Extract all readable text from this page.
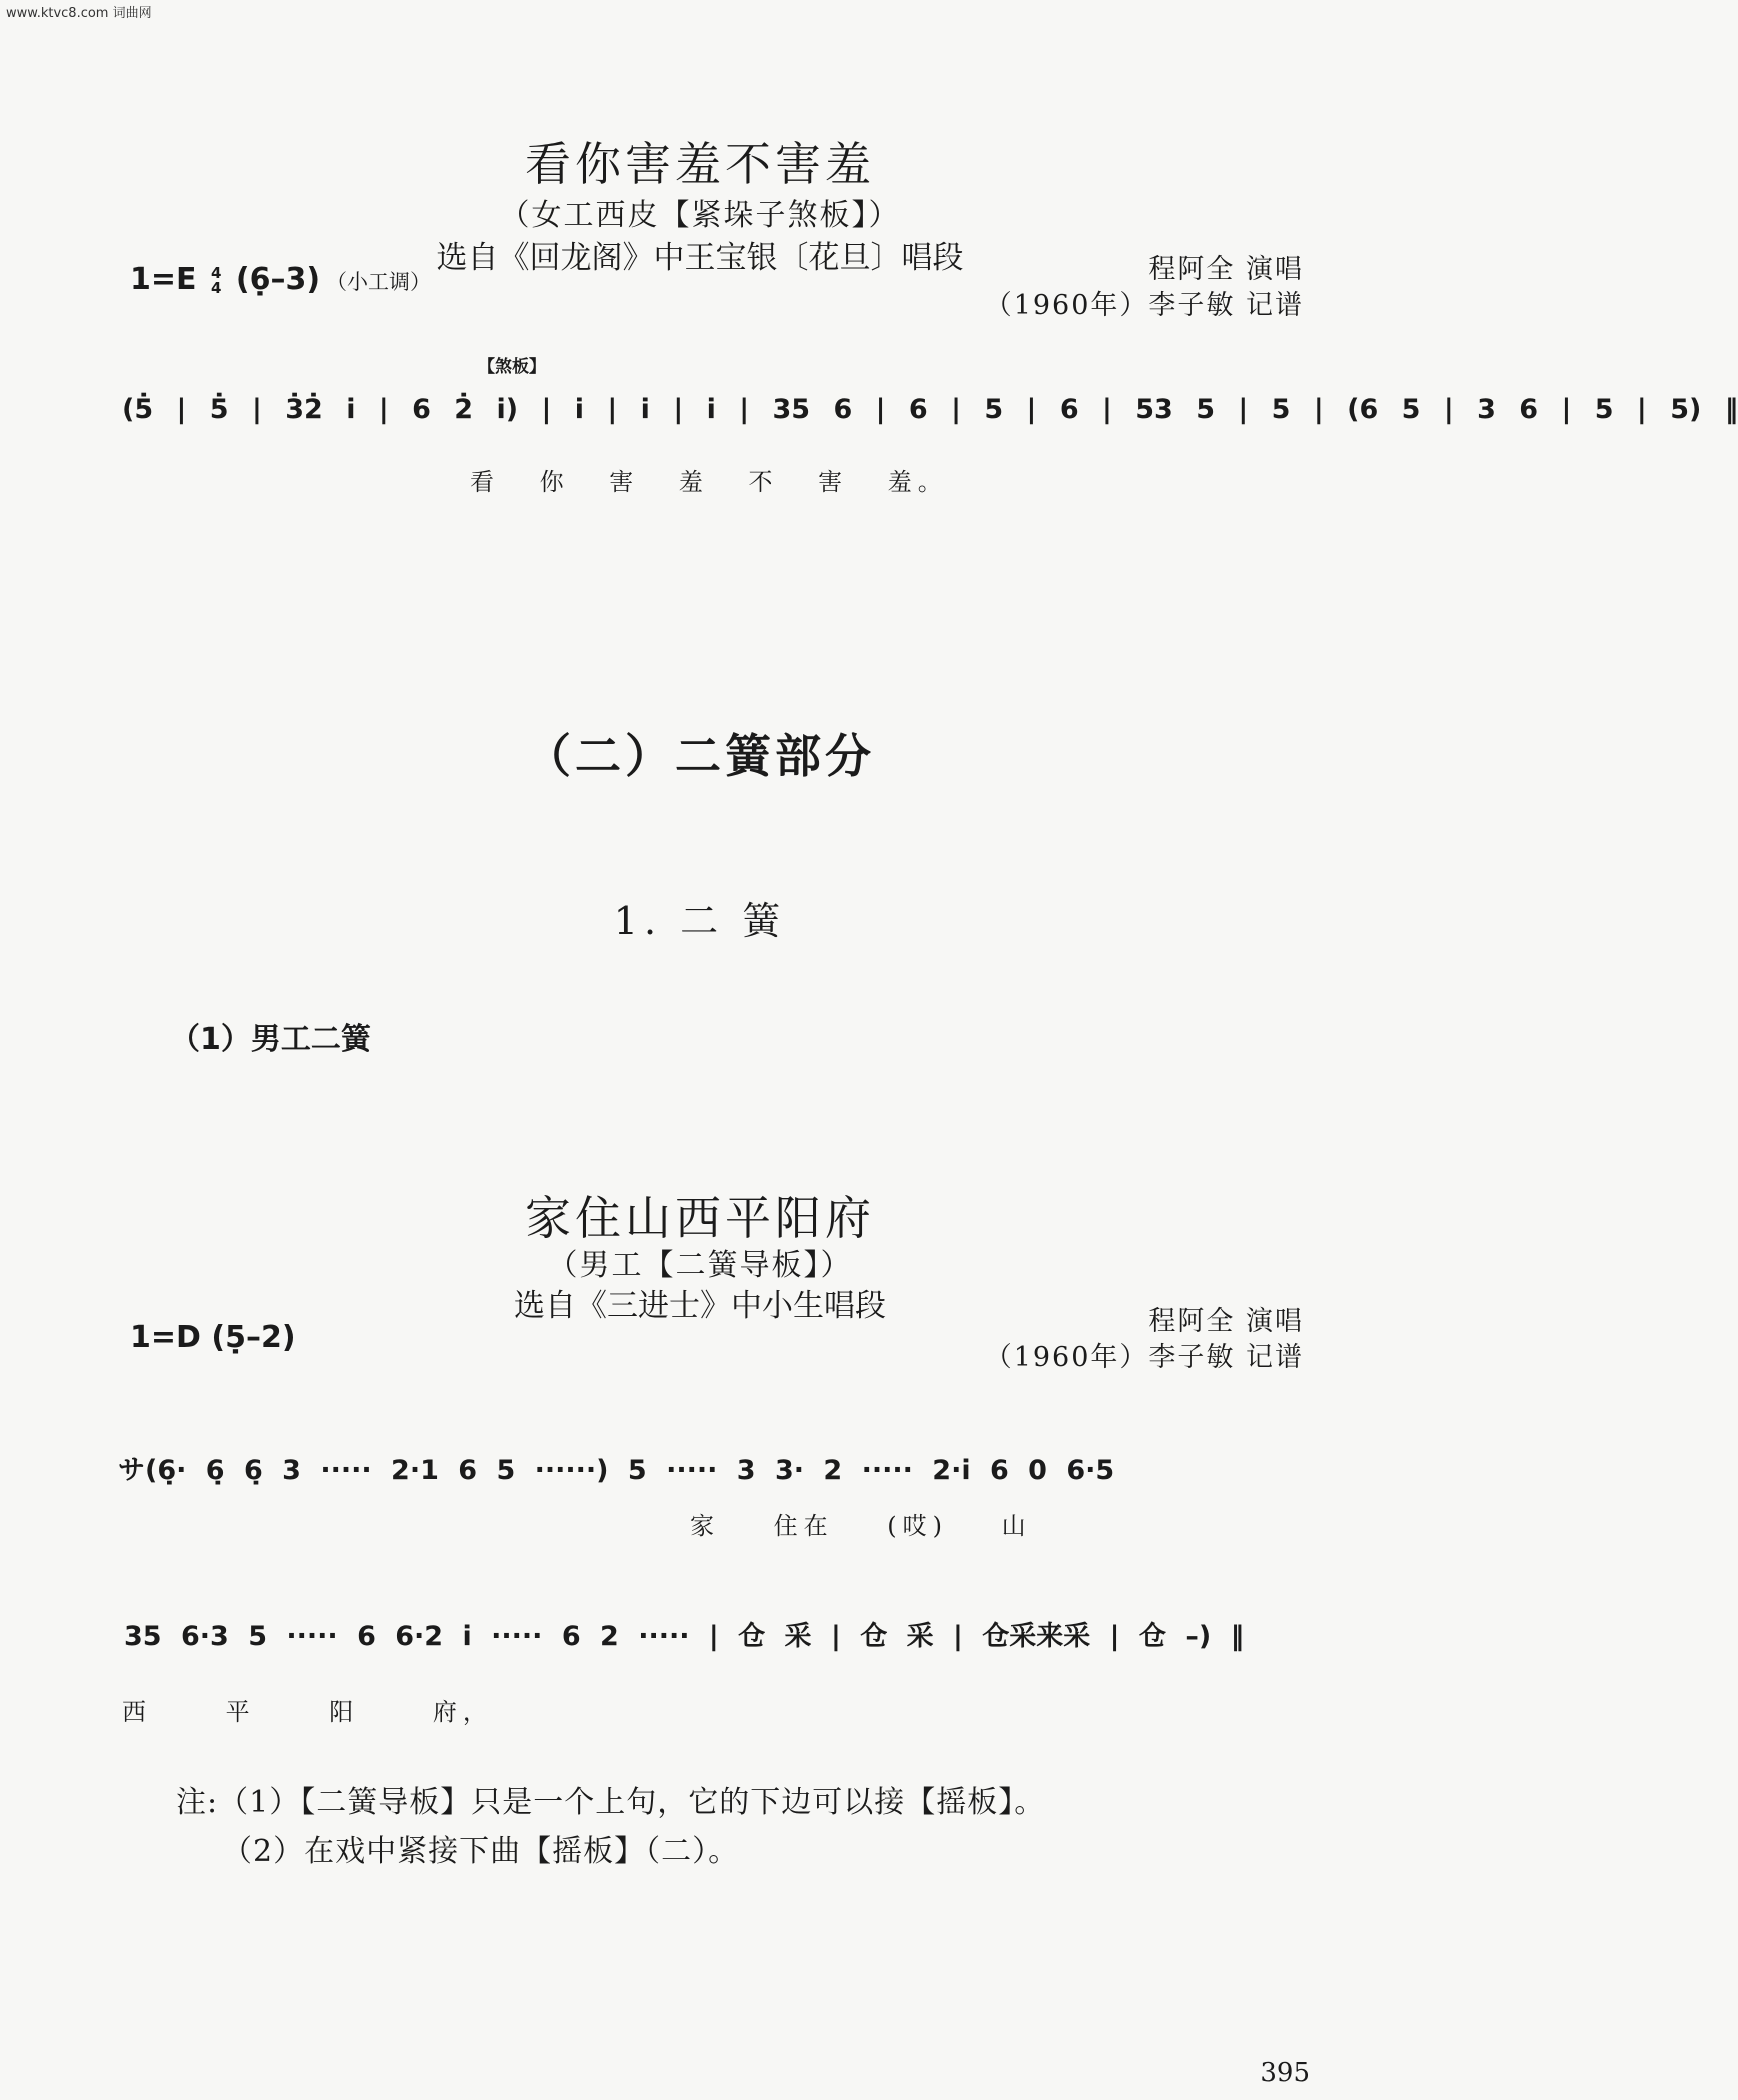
www.ktvc8.com 词曲网
看你害羞不害羞
（女工西皮【紧垛子煞板】）
选自《回龙阁》中王宝银〔花旦〕唱段
1=E 4
4 (6̣–3) （小工调）	程阿全 演唱
（1960年）李子敏 记谱
【煞板】
(5̇ | 5̇ | 3̇2̇ i | 6 2̇ i) | i | i | i | 35 6 | 6 | 5 | 6 | 53 5 | 5 | (6 5 | 3 6 | 5 | 5) ‖
看 你 害 羞 不 害 羞。
（二）二簧部分
1. 二 簧
（1）男工二簧
家住山西平阳府
（男工【二簧导板】）
选自《三进士》中小生唱段
1=D (5̣–2)	程阿全 演唱
（1960年）李子敏 记谱
サ(6̣· 6̣ 6̣ 3 ····· 2·1 6 5 ······) 5 ····· 3 3· 2 ····· 2·i 6 0 6·5
家 住在 (哎) 山
35 6·3 5 ····· 6 6·2 i ····· 6 2 ····· | 仓 采 | 仓 采 | 仓采来采 | 仓 –) ‖
西 平 阳 府，
注:（1）【二簧导板】只是一个上句，它的下边可以接【摇板】。
（2）在戏中紧接下曲【摇板】（二）。
395
